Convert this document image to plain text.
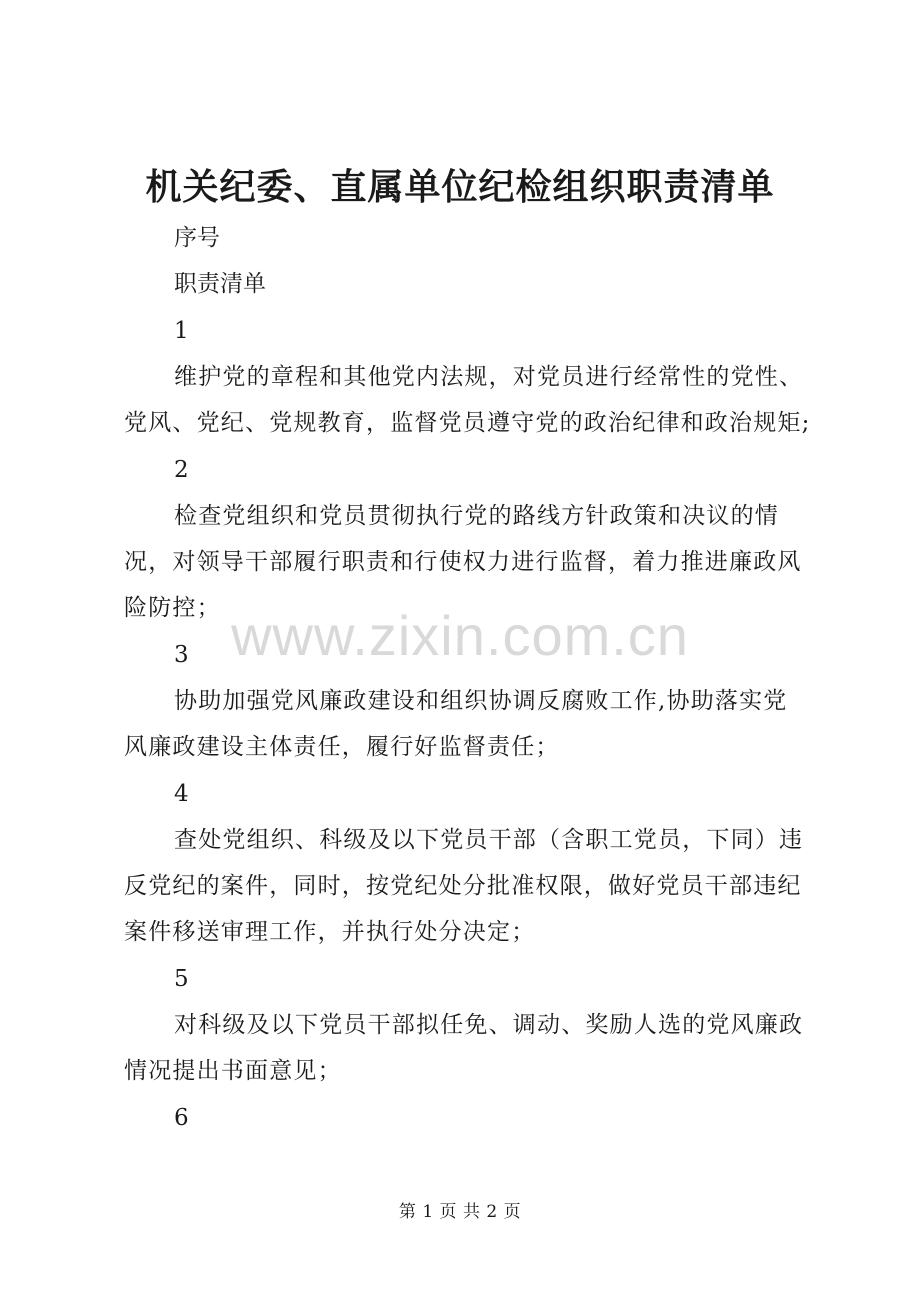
机关纪委、直属单位纪检组织职责清单
序号
职责清单
1
维护党的章程和其他党内法规，对党员进行经常性的党性、
党风、党纪、党规教育，监督党员遵守党的政治纪律和政治规矩;
2
检查党组织和党员贯彻执行党的路线方针政策和决议的情
况，对领导干部履行职责和行使权力进行监督，着力推进廉政风
险防控； www.zixin.com.cn
3
协助加强党风廉政建设和组织协调反腐败工作,协助落实党
风廉政建设主体责任，履行好监督责任；
4
查处党组织、科级及以下党员干部（含职工党员，下同）违
反党纪的案件，同时，按党纪处分批准权限，做好党员干部违纪
案件移送审理工作，并执行处分决定；
5
对科级及以下党员干部拟任免、调动、奖励人选的党风廉政
情况提出书面意见；
6
第 1 页 共 2 页
